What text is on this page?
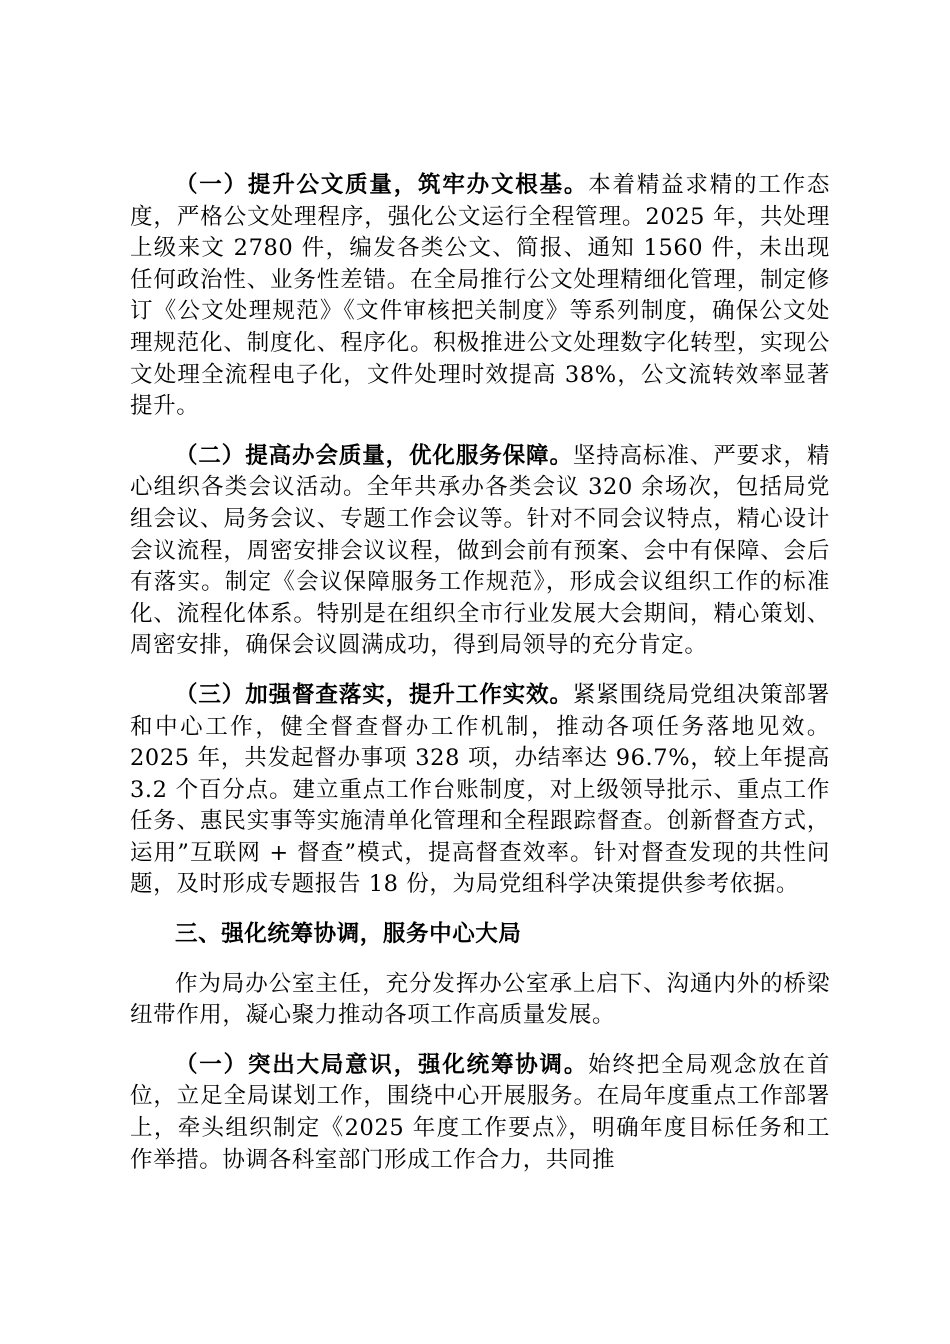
（一）提升公文质量，筑牢办文根基。本着精益求精的工作态度，严格公文处理程序，强化公文运行全程管理。2025 年，共处理上级来文 2780 件，编发各类公文、简报、通知 1560 件，未出现任何政治性、业务性差错。在全局推行公文处理精细化管理，制定修订《公文处理规范》《文件审核把关制度》等系列制度，确保公文处理规范化、制度化、程序化。积极推进公文处理数字化转型，实现公文处理全流程电子化，文件处理时效提高 38%，公文流转效率显著提升。

（二）提高办会质量，优化服务保障。坚持高标准、严要求，精心组织各类会议活动。全年共承办各类会议 320 余场次，包括局党组会议、局务会议、专题工作会议等。针对不同会议特点，精心设计会议流程，周密安排会议议程，做到会前有预案、会中有保障、会后有落实。制定《会议保障服务工作规范》，形成会议组织工作的标准化、流程化体系。特别是在组织全市行业发展大会期间，精心策划、周密安排，确保会议圆满成功，得到局领导的充分肯定。

（三）加强督查落实，提升工作实效。紧紧围绕局党组决策部署和中心工作，健全督查督办工作机制，推动各项任务落地见效。2025 年，共发起督办事项 328 项，办结率达 96.7%，较上年提高 3.2 个百分点。建立重点工作台账制度，对上级领导批示、重点工作任务、惠民实事等实施清单化管理和全程跟踪督查。创新督查方式，运用”互联网 + 督查”模式，提高督查效率。针对督查发现的共性问题，及时形成专题报告 18 份，为局党组科学决策提供参考依据。

三、强化统筹协调，服务中心大局

作为局办公室主任，充分发挥办公室承上启下、沟通内外的桥梁纽带作用，凝心聚力推动各项工作高质量发展。

（一）突出大局意识，强化统筹协调。始终把全局观念放在首位，立足全局谋划工作，围绕中心开展服务。在局年度重点工作部署上，牵头组织制定《2025 年度工作要点》，明确年度目标任务和工作举措。协调各科室部门形成工作合力，共同推
